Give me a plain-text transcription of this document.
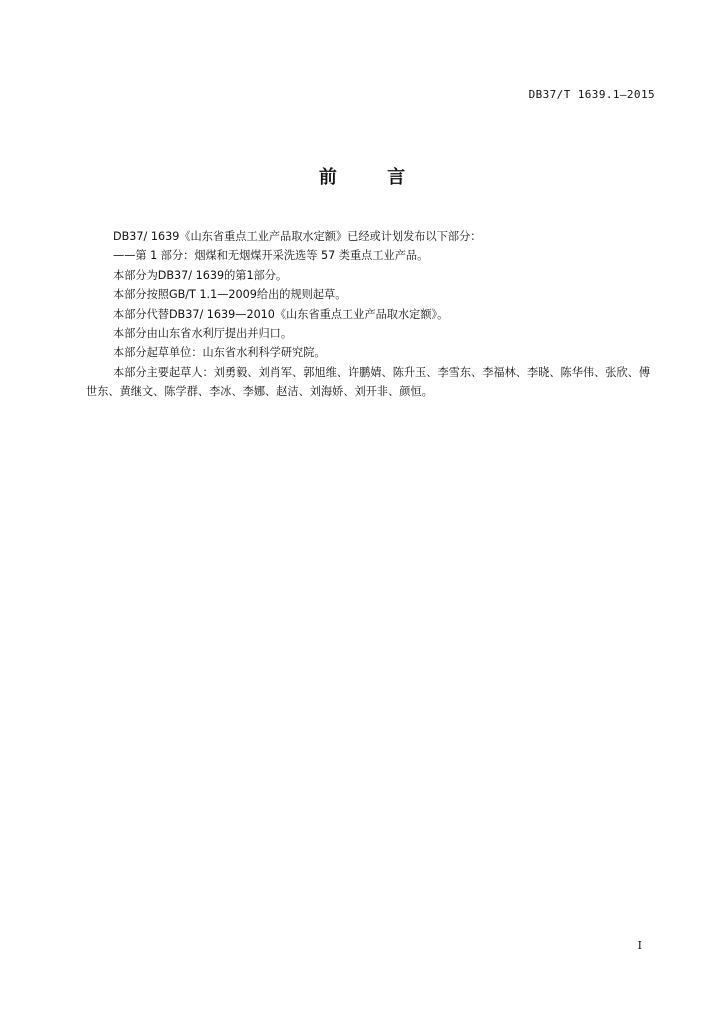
DB37/T 1639.1—2015
前 言

DB37/ 1639《山东省重点工业产品取水定额》已经或计划发布以下部分：

——第 1 部分：烟煤和无烟煤开采洗选等 57 类重点工业产品。

本部分为DB37/ 1639的第1部分。

本部分按照GB/T 1.1—2009给出的规则起草。

本部分代替DB37/ 1639—2010《山东省重点工业产品取水定额》。

本部分由山东省水利厅提出并归口。

本部分起草单位：山东省水利科学研究院。

本部分主要起草人：刘勇毅、刘肖军、郭旭维、许鹏婧、陈升玉、李雪东、李福林、李晓、陈华伟、张欣、傅世东、黄继文、陈学群、李冰、李娜、赵洁、刘海娇、刘开非、颜恒。

I
